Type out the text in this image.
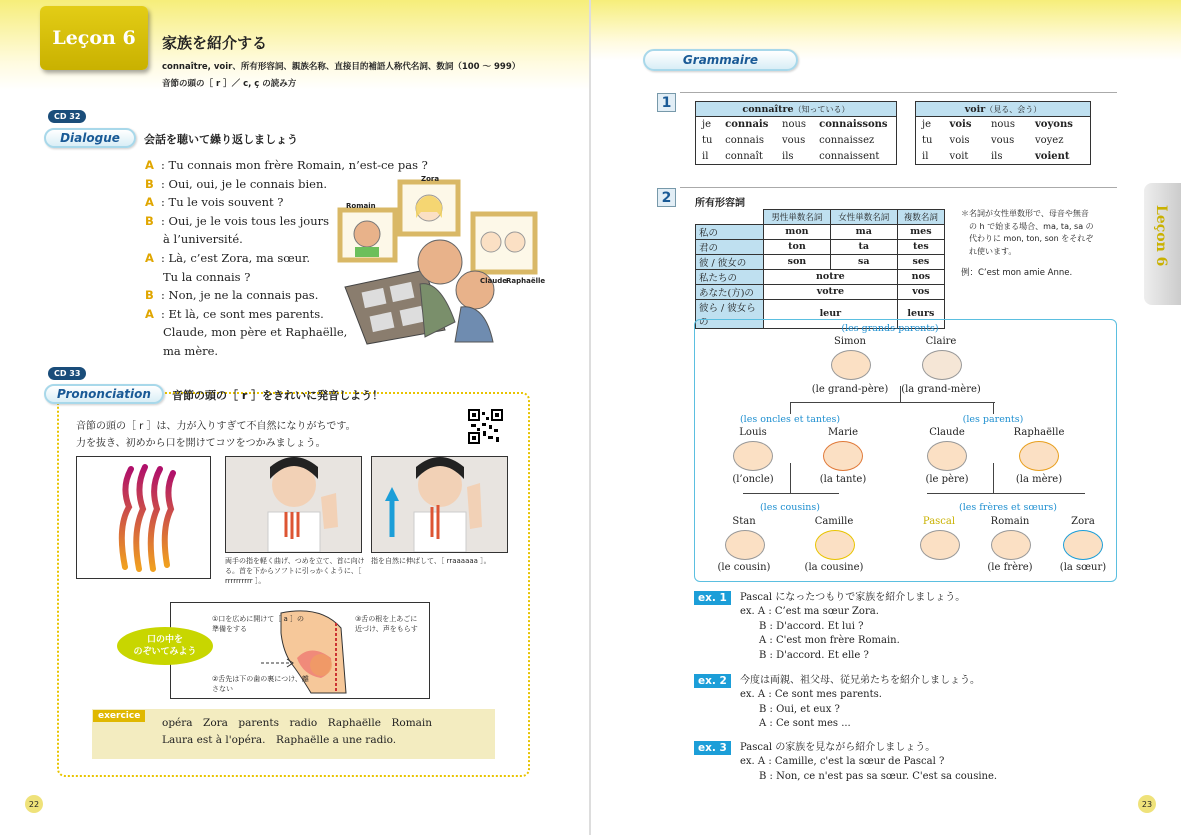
Leçon 6	家族を紹介する
connaître, voir、所有形容詞、親族名称、直接目的補語人称代名詞、数詞（100 ～ 999）
音節の頭の［ r ］／ c, ç の読み方
CD 32
Dialogue	会話を聴いて繰り返しましょう
A : Tu connais mon frère Romain, n’est-ce pas ?
B : Oui, oui, je le connais bien.
A : Tu le vois souvent ?
B : Oui, je le vois tous les jours
à l’université.
A : Là, c’est Zora, ma sœur.
Tu la connais ?
B : Non, je ne la connais pas.
A : Et là, ce sont mes parents.
Claude, mon père et Raphaëlle,
ma mère.
Zora
Romain
Claude
Raphaëlle
CD 33
Prononciation	音節の頭の［ r ］をきれいに発音しよう！
音節の頭の［ r ］は、力が入りすぎて不自然になりがちです。
力を抜き、初めから口を開けてコツをつかみましょう。
両手の指を軽く曲げ、つめを立て、首に向ける。首を下からソフトに引っかくように、［ rrrrrrrrrr ］。
指を自然に伸ばして、［ rraaaaaa ］。
①口を広めに開けて［ a ］の準備をする
③舌の根を上あごに近づけ、声をもらす
②舌先は下の歯の裏につけ、離さない
口の中を
のぞいてみよう
exercice
opéra　Zora　parents　radio　Raphaëlle　Romain
Laura est à l'opéra.　Raphaëlle a une radio.
22
Grammaire
1	connaître（知っている）			
je	connais	nous	connaissons
tu	connais	vous	connaissez
il	connaît	ils	connaissent
voir（見る、会う）			
je	vois	nous	voyons
tu	vois	vous	voyez
il	voit	ils	voient
2	所有形容詞
	男性単数名詞	女性単数名詞	複数名詞
私の	mon	ma	mes
君の	ton	ta	tes
彼 / 彼女の	son	sa	ses
私たちの	notre		nos
あなた(方)の	votre		vos
彼ら / 彼女らの	leur		leurs
＊名詞が女性単数形で、母音や無音
　の h で始まる場合、ma, ta, sa の
　代わりに mon, ton, son をそれぞ
　れ使います。
例：C’est mon amie Anne.
(les grands-parents)
Simon	Claire
(le grand-père)	(la grand-mère)
(les oncles et tantes)	(les parents)
Louis	Marie	Claude	Raphaëlle
(l’oncle)	(la tante)	(le père)	(la mère)
(les cousins)	(les frères et sœurs)
Stan	Camille	Pascal	Romain	Zora
(le cousin)	(la cousine)	(le frère)	(la sœur)
ex. 1	Pascal になったつもりで家族を紹介しましょう。
ex. A : C’est ma sœur Zora.
B : D'accord. Et lui ?
A : C'est mon frère Romain.
B : D'accord. Et elle ?
ex. 2	今度は両親、祖父母、従兄弟たちを紹介しましょう。
ex. A : Ce sont mes parents.
B : Oui, et eux ?
A : Ce sont mes ...
ex. 3	Pascal の家族を見ながら紹介しましょう。
ex. A : Camille, c'est la sœur de Pascal ?
B : Non, ce n'est pas sa sœur. C'est sa cousine.
Leçon 6
23
